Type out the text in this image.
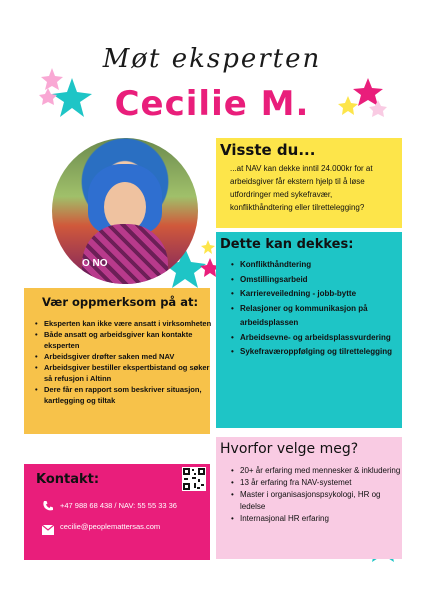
Møt eksperten
Cecilie M.
O NO
Visste du...
...at NAV kan dekke inntil 24.000kr for at arbeidsgiver får ekstern hjelp til å løse utfordringer med sykefravær, konflikthåndtering eller tilrettelegging?
Dette kan dekkes:
• Konflikthåndtering
• Omstillingsarbeid
• Karriereveiledning - jobb-bytte
• Relasjoner og kommunikasjon på arbeidsplassen
• Arbeidsevne- og arbeidsplassvurdering
• Sykefraværoppfølging og tilrettelegging
Vær oppmerksom på at:
• Eksperten kan ikke være ansatt i virksomheten
• Både ansatt og arbeidsgiver kan kontakte eksperten
• Arbeidsgiver drøfter saken med NAV
• Arbeidsgiver bestiller ekspertbistand og søker så refusjon i Altinn
• Dere får en rapport som beskriver situasjon, kartlegging og tiltak
Hvorfor velge meg?
• 20+ år erfaring med mennesker & inkludering
• 13 år erfaring fra NAV-systemet
• Master i organisasjonspsykologi, HR og ledelse
• Internasjonal HR erfaring
Kontakt:
+47 988 68 438 / NAV: 55 55 33 36
cecilie@peoplemattersas.com
